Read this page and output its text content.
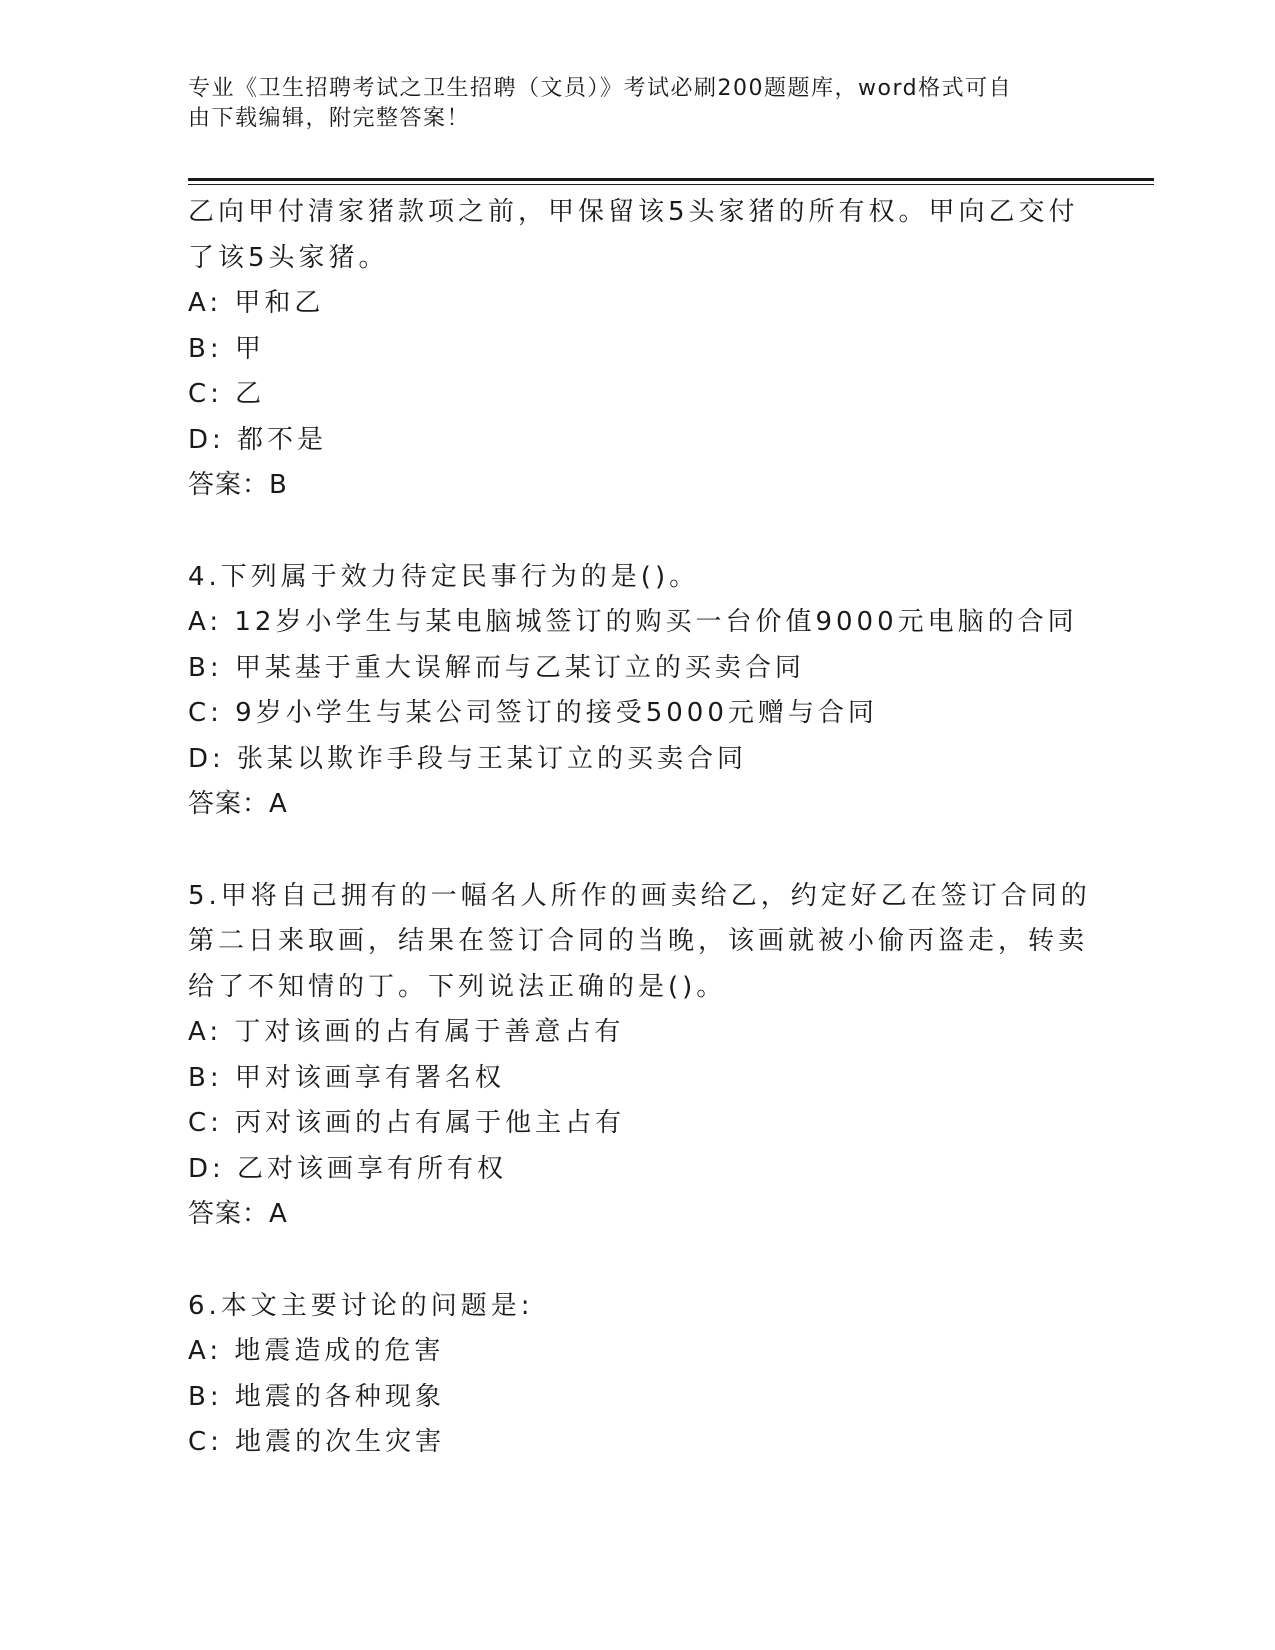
专业《卫生招聘考试之卫生招聘（文员）》考试必刷200题题库，word格式可自
由下载编辑，附完整答案！
乙向甲付清家猪款项之前，甲保留该5头家猪的所有权。甲向乙交付
了该5头家猪。
A: 甲和乙
B: 甲
C: 乙
D: 都不是
答案：B
4.下列属于效力待定民事行为的是()。
A: 12岁小学生与某电脑城签订的购买一台价值9000元电脑的合同
B: 甲某基于重大误解而与乙某订立的买卖合同
C: 9岁小学生与某公司签订的接受5000元赠与合同
D: 张某以欺诈手段与王某订立的买卖合同
答案：A
5.甲将自己拥有的一幅名人所作的画卖给乙，约定好乙在签订合同的
第二日来取画，结果在签订合同的当晚，该画就被小偷丙盗走，转卖
给了不知情的丁。下列说法正确的是()。
A: 丁对该画的占有属于善意占有
B: 甲对该画享有署名权
C: 丙对该画的占有属于他主占有
D: 乙对该画享有所有权
答案：A
6.本文主要讨论的问题是:
A: 地震造成的危害
B: 地震的各种现象
C: 地震的次生灾害
